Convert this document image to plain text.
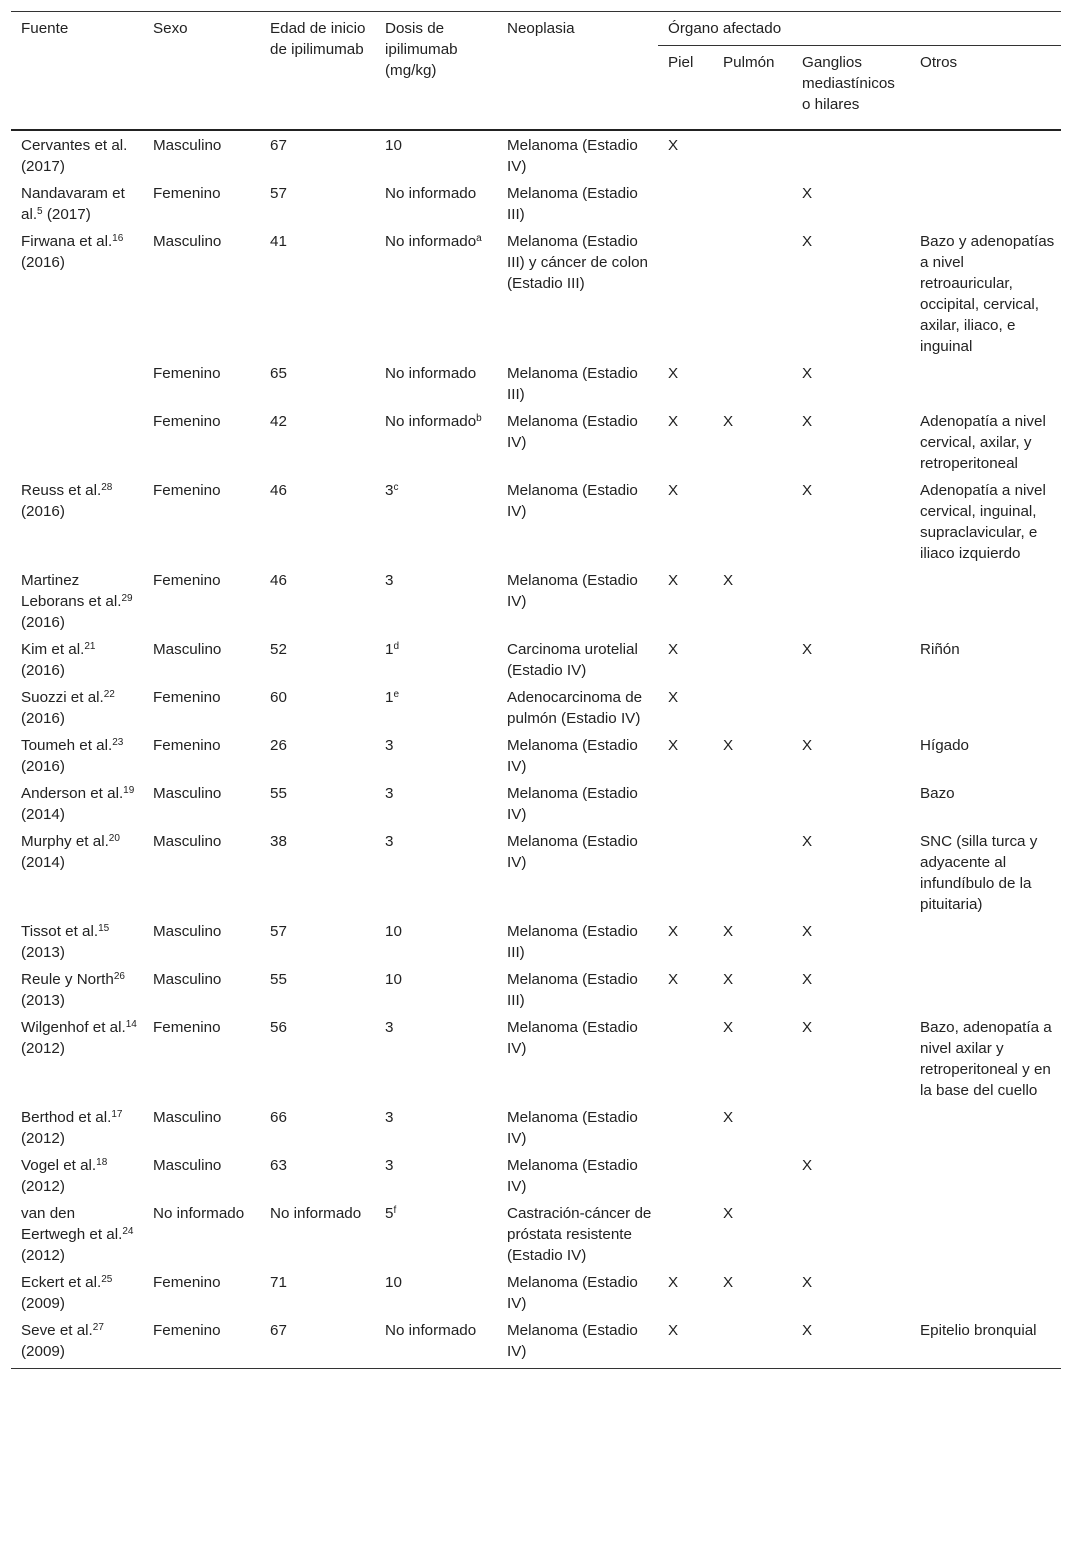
Fuente	Sexo	Edad de inicio de ipilimumab	Dosis de ipilimumab (mg/kg)	Neoplasia	Órgano afectado			
					Piel	Pulmón	Ganglios mediastínicos o hilares	Otros
Cervantes et al. (2017)	Masculino	67	10	Melanoma (Estadio IV)	X			
Nandavaram et al.$^5$ (2017)	Femenino	57	No informado	Melanoma (Estadio III)			X	
Firwana et al.$^{16}$ (2016)	Masculino	41	No informado$^a$	Melanoma (Estadio III) y cáncer de colon (Estadio III)			X	Bazo y adenopatías a nivel retroauricular, occipital, cervical, axilar, iliaco, e inguinal
	Femenino	65	No informado	Melanoma (Estadio III)	X		X	
	Femenino	42	No informado$^b$	Melanoma (Estadio IV)	X	X	X	Adenopatía a nivel cervical, axilar, y retroperitoneal
Reuss et al.$^{28}$ (2016)	Femenino	46	3$^c$	Melanoma (Estadio IV)	X		X	Adenopatía a nivel cervical, inguinal, supraclavicular, e iliaco izquierdo
Martinez Leborans et al.$^{29}$ (2016)	Femenino	46	3	Melanoma (Estadio IV)	X	X		
Kim et al.$^{21}$ (2016)	Masculino	52	1$^d$	Carcinoma urotelial (Estadio IV)	X		X	Riñón
Suozzi et al.$^{22}$ (2016)	Femenino	60	1e	Adenocarcinoma de pulmón (Estadio IV)	X			
Toumeh et al.$^{23}$ (2016)	Femenino	26	3	Melanoma (Estadio IV)	X	X	X	Hígado
Anderson et al.$^{19}$ (2014)	Masculino	55	3	Melanoma (Estadio IV)				Bazo
Murphy et al.$^{20}$ (2014)	Masculino	38	3	Melanoma (Estadio IV)			X	SNC (silla turca y adyacente al infundíbulo de la pituitaria)
Tissot et al.$^{15}$ (2013)	Masculino	57	10	Melanoma (Estadio III)	X	X	X	
Reule y North$^{26}$ (2013)	Masculino	55	10	Melanoma (Estadio III)	X	X	X	
Wilgenhof et al.$^{14}$ (2012)	Femenino	56	3	Melanoma (Estadio IV)		X	X	Bazo, adenopatía a nivel axilar y retroperitoneal y en la base del cuello
Berthod et al.$^{17}$ (2012)	Masculino	66	3	Melanoma (Estadio IV)		X		
Vogel et al.$^{18}$ (2012)	Masculino	63	3	Melanoma (Estadio IV)			X	
van den Eertwegh et al.$^{24}$ (2012)	No informado	No informado	5$^f$	Castración-cáncer de próstata resistente (Estadio IV)		X		
Eckert et al.$^{25}$ (2009)	Femenino	71	10	Melanoma (Estadio IV)	X	X	X	
Seve et al.$^{27}$ (2009)	Femenino	67	No informado	Melanoma (Estadio IV)	X		X	Epitelio bronquial
